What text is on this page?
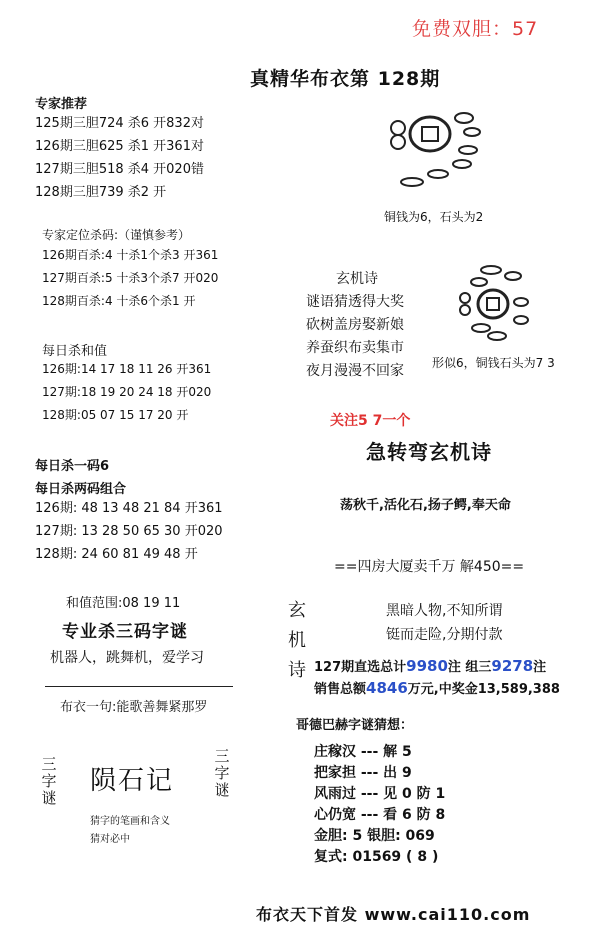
免费双胆：57
真精华布衣第 128期
专家推荐
125期三胆724 杀6 开832对
126期三胆625 杀1 开361对
127期三胆518 杀4 开020错
128期三胆739 杀2 开
专家定位杀码:（谨慎参考）
126期百杀:4 十杀1个杀3 开361
127期百杀:5 十杀3个杀7 开020
128期百杀:4 十杀6个杀1 开
每日杀和值
126期:14 17 18 11 26 开361
127期:18 19 20 24 18 开020
128期:05 07 15 17 20 开
每日杀一码6
每日杀两码组合
126期: 48 13 48 21 84 开361
127期: 13 28 50 65 30 开020
128期: 24 60 81 49 48 开
和值范围:08 19 11
专业杀三码字谜
机器人，跳舞机，爱学习
布衣一句:能歌善舞紧那罗
三字谜
陨石记
三字谜
猜字的笔画和含义
猜对必中
铜钱为6，石头为2
玄机诗
谜语猜透得大奖
砍树盖房娶新娘
养蚕织布卖集市
夜月漫漫不回家 形似6，铜钱石头为7 3
关注5 7一个
急转弯玄机诗
荡秋千,活化石,扬子鳄,奉天命
==四房大厦卖千万 解450==
玄
机
诗
黑暗人物,不知所谓
铤而走险,分期付款
127期直选总计9980注 组三9278注
销售总额4846万元,中奖金13,589,388
哥德巴赫字谜猜想：
庄稼汉 --- 解 5
把家担 --- 出 9
风雨过 --- 见 0 防 1
心仍宽 --- 看 6 防 8
金胆: 5 银胆: 069
复式: 01569 ( 8 )
布衣天下首发 www.cai110.com
